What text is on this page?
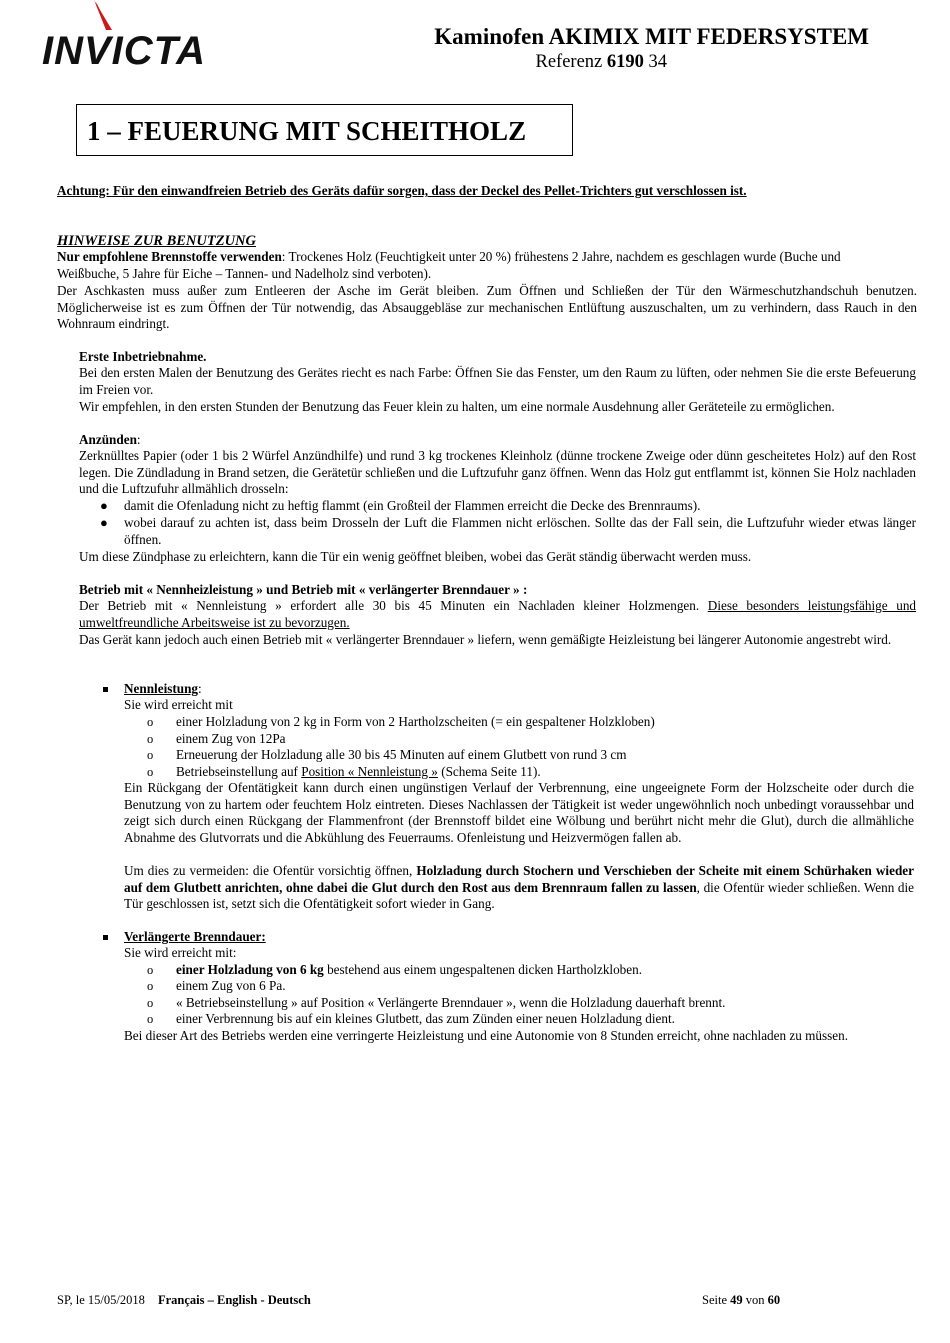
INVICTA	Kaminofen AKIMIX MIT FEDERSYSTEM
Referenz 6190 34
1 – FEUERUNG MIT SCHEITHOLZ
Achtung: Für den einwandfreien Betrieb des Geräts dafür sorgen, dass der Deckel des Pellet-Trichters gut verschlossen ist.
HINWEISE ZUR BENUTZUNG
Nur empfohlene Brennstoffe verwenden: Trockenes Holz (Feuchtigkeit unter 20 %) frühestens 2 Jahre, nachdem es geschlagen wurde (Buche und
Weißbuche, 5 Jahre für Eiche – Tannen- und Nadelholz sind verboten).
Der Aschkasten muss außer zum Entleeren der Asche im Gerät bleiben. Zum Öffnen und Schließen der Tür den Wärmeschutzhandschuh benutzen. Möglicherweise ist es zum Öffnen der Tür notwendig, das Absauggebläse zur mechanischen Entlüftung auszuschalten, um zu verhindern, dass Rauch in den Wohnraum eindringt.
Erste Inbetriebnahme.
Bei den ersten Malen der Benutzung des Gerätes riecht es nach Farbe: Öffnen Sie das Fenster, um den Raum zu lüften, oder nehmen Sie die erste Befeuerung im Freien vor.
Wir empfehlen, in den ersten Stunden der Benutzung das Feuer klein zu halten, um eine normale Ausdehnung aller Geräteteile zu ermöglichen.
Anzünden:
Zerknülltes Papier (oder 1 bis 2 Würfel Anzündhilfe) und rund 3 kg trockenes Kleinholz (dünne trockene Zweige oder dünn gescheitetes Holz) auf den Rost legen. Die Zündladung in Brand setzen, die Gerätetür schließen und die Luftzufuhr ganz öffnen. Wenn das Holz gut entflammt ist, können Sie Holz nachladen und die Luftzufuhr allmählich drosseln:
● damit die Ofenladung nicht zu heftig flammt (ein Großteil der Flammen erreicht die Decke des Brennraums).
● wobei darauf zu achten ist, dass beim Drosseln der Luft die Flammen nicht erlöschen. Sollte das der Fall sein, die Luftzufuhr wieder etwas länger öffnen.
Um diese Zündphase zu erleichtern, kann die Tür ein wenig geöffnet bleiben, wobei das Gerät ständig überwacht werden muss.
Betrieb mit « Nennheizleistung » und Betrieb mit « verlängerter Brenndauer » :
Der Betrieb mit « Nennleistung » erfordert alle 30 bis 45 Minuten ein Nachladen kleiner Holzmengen. Diese besonders leistungsfähige und umweltfreundliche Arbeitsweise ist zu bevorzugen.
Das Gerät kann jedoch auch einen Betrieb mit « verlängerter Brenndauer » liefern, wenn gemäßigte Heizleistung bei längerer Autonomie angestrebt wird.
Nennleistung:
Sie wird erreicht mit
o einer Holzladung von 2 kg in Form von 2 Hartholzscheiten (= ein gespaltener Holzkloben)
o einem Zug von 12Pa
o Erneuerung der Holzladung alle 30 bis 45 Minuten auf einem Glutbett von rund 3 cm
o Betriebseinstellung auf Position « Nennleistung » (Schema Seite 11).
Ein Rückgang der Ofentätigkeit kann durch einen ungünstigen Verlauf der Verbrennung, eine ungeeignete Form der Holzscheite oder durch die Benutzung von zu hartem oder feuchtem Holz eintreten. Dieses Nachlassen der Tätigkeit ist weder ungewöhnlich noch unbedingt voraussehbar und zeigt sich durch einen Rückgang der Flammenfront (der Brennstoff bildet eine Wölbung und berührt nicht mehr die Glut), durch die allmähliche Abnahme des Glutvorrats und die Abkühlung des Feuerraums. Ofenleistung und Heizvermögen fallen ab.
Um dies zu vermeiden: die Ofentür vorsichtig öffnen, Holzladung durch Stochern und Verschieben der Scheite mit einem Schürhaken wieder auf dem Glutbett anrichten, ohne dabei die Glut durch den Rost aus dem Brennraum fallen zu lassen, die Ofentür wieder schließen. Wenn die Tür geschlossen ist, setzt sich die Ofentätigkeit sofort wieder in Gang.
Verlängerte Brenndauer:
Sie wird erreicht mit:
o einer Holzladung von 6 kg bestehend aus einem ungespaltenen dicken Hartholzkloben.
o einem Zug von 6 Pa.
o « Betriebseinstellung » auf Position « Verlängerte Brenndauer », wenn die Holzladung dauerhaft brennt.
o einer Verbrennung bis auf ein kleines Glutbett, das zum Zünden einer neuen Holzladung dient.
Bei dieser Art des Betriebs werden eine verringerte Heizleistung und eine Autonomie von 8 Stunden erreicht, ohne nachladen zu müssen.
SP, le 15/05/2018 Français – English - Deutsch	Seite 49 von 60
